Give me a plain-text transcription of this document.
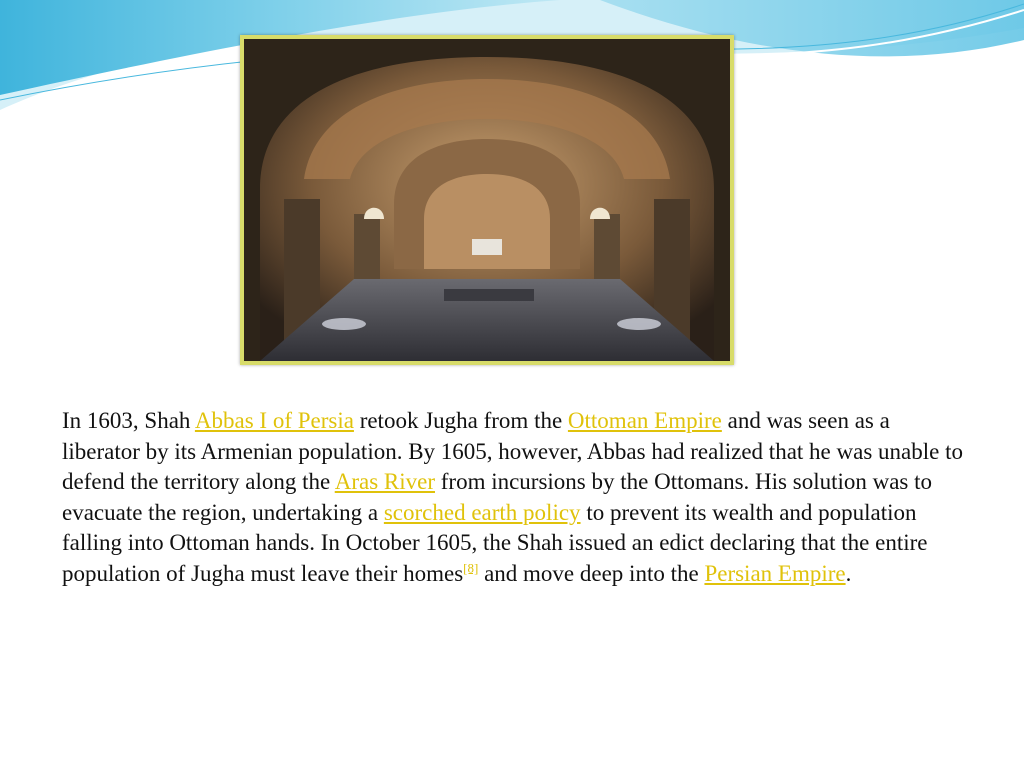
In 1603, Shah Abbas I of Persia retook Jugha from the Ottoman Empire and was seen as a liberator by its Armenian population. By 1605, however, Abbas had realized that he was unable to defend the territory along the Aras River from incursions by the Ottomans. His solution was to evacuate the region, undertaking a scorched earth policy to prevent its wealth and population falling into Ottoman hands. In October 1605, the Shah issued an edict declaring that the entire population of Jugha must leave their homes[8] and move deep into the Persian Empire.
